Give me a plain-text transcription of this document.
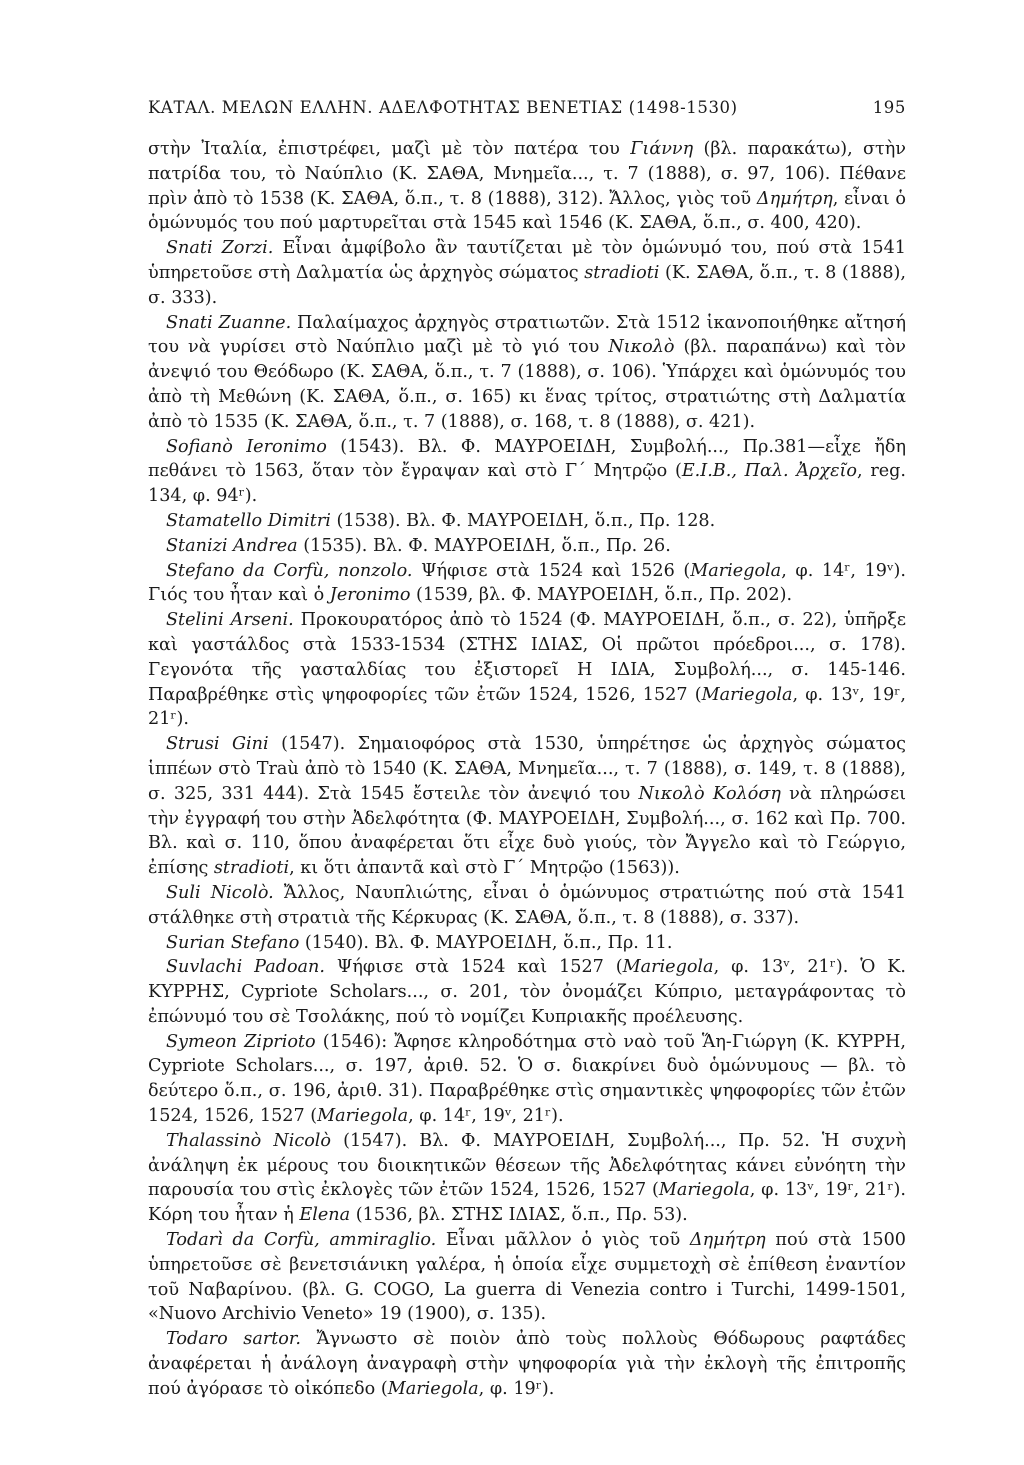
ΚΑΤΑΛ. ΜΕΛΩΝ ΕΛΛΗΝ. ΑΔΕΛΦΟΤΗΤΑΣ ΒΕΝΕΤΙΑΣ (1498-1530)	195

στὴν Ἰταλία, ἐπιστρέφει, μαζὶ μὲ τὸν πατέρα του Γιάννη (βλ. παρακάτω), στὴν πατρίδα του, τὸ Ναύπλιο (Κ. ΣΑΘΑ, Μνημεῖα..., τ. 7 (1888), σ. 97, 106). Πέθανε πρὶν ἀπὸ τὸ 1538 (Κ. ΣΑΘΑ, ὅ.π., τ. 8 (1888), 312). Ἄλλος, γιὸς τοῦ Δημήτρη, εἶναι ὁ ὁμώνυμός του πού μαρτυρεῖται στὰ 1545 καὶ 1546 (Κ. ΣΑΘΑ, ὅ.π., σ. 400, 420).

Snati Zorzi. Εἶναι ἀμφίβολο ἂν ταυτίζεται μὲ τὸν ὁμώνυμό του, πού στὰ 1541 ὑπηρετοῦσε στὴ Δαλματία ὡς ἀρχηγὸς σώματος stradioti (Κ. ΣΑΘΑ, ὅ.π., τ. 8 (1888), σ. 333).

Snati Zuanne. Παλαίμαχος ἀρχηγὸς στρατιωτῶν. Στὰ 1512 ἱκανοποιήθηκε αἴτησή του νὰ γυρίσει στὸ Ναύπλιο μαζὶ μὲ τὸ γιό του Νικολὸ (βλ. παραπάνω) καὶ τὸν ἀνεψιό του Θεόδωρο (Κ. ΣΑΘΑ, ὅ.π., τ. 7 (1888), σ. 106). Ὑπάρχει καὶ ὁμώνυμός του ἀπὸ τὴ Μεθώνη (Κ. ΣΑΘΑ, ὅ.π., σ. 165) κι ἕνας τρίτος, στρατιώτης στὴ Δαλματία ἀπὸ τὸ 1535 (Κ. ΣΑΘΑ, ὅ.π., τ. 7 (1888), σ. 168, τ. 8 (1888), σ. 421).

Sofianò Ieronimo (1543). Βλ. Φ. ΜΑΥΡΟΕΙΔΗ, Συμβολή..., Πρ.381—εἶχε ἤδη πεθάνει τὸ 1563, ὅταν τὸν ἔγραψαν καὶ στὸ Γ΄ Μητρῷο (Ε.Ι.Β., Παλ. Ἀρχεῖο, reg. 134, φ. 94ʳ).

Stamatello Dimitri (1538). Βλ. Φ. ΜΑΥΡΟΕΙΔΗ, ὅ.π., Πρ. 128.

Stanizi Andrea (1535). Βλ. Φ. ΜΑΥΡΟΕΙΔΗ, ὅ.π., Πρ. 26.

Stefano da Corfù, nonzolo. Ψήφισε στὰ 1524 καὶ 1526 (Mariegola, φ. 14ʳ, 19ᵛ). Γιός του ἦταν καὶ ὁ Jeronimo (1539, βλ. Φ. ΜΑΥΡΟΕΙΔΗ, ὅ.π., Πρ. 202).

Stelini Arseni. Προκουρατόρος ἀπὸ τὸ 1524 (Φ. ΜΑΥΡΟΕΙΔΗ, ὅ.π., σ. 22), ὑπῆρξε καὶ γαστάλδος στὰ 1533-1534 (ΣΤΗΣ ΙΔΙΑΣ, Οἱ πρῶτοι πρόεδροι..., σ. 178). Γεγονότα τῆς γασταλδίας του ἐξιστορεῖ Η ΙΔΙΑ, Συμβολή..., σ. 145-146. Παραβρέθηκε στὶς ψηφοφορίες τῶν ἐτῶν 1524, 1526, 1527 (Mariegola, φ. 13ᵛ, 19ʳ, 21ʳ).

Strusi Gini (1547). Σημαιοφόρος στὰ 1530, ὑπηρέτησε ὡς ἀρχηγὸς σώματος ἱππέων στὸ Traù ἀπὸ τὸ 1540 (Κ. ΣΑΘΑ, Μνημεῖα..., τ. 7 (1888), σ. 149, τ. 8 (1888), σ. 325, 331 444). Στὰ 1545 ἔστειλε τὸν ἀνεψιό του Νικολὸ Κολόση νὰ πληρώσει τὴν ἐγγραφή του στὴν Ἀδελφότητα (Φ. ΜΑΥΡΟΕΙΔΗ, Συμβολή..., σ. 162 καὶ Πρ. 700. Βλ. καὶ σ. 110, ὅπου ἀναφέρεται ὅτι εἶχε δυὸ γιούς, τὸν Ἄγγελο καὶ τὸ Γεώργιο, ἐπίσης stradioti, κι ὅτι ἀπαντᾶ καὶ στὸ Γ΄ Μητρῷο (1563)).

Suli Nicolò. Ἄλλος, Ναυπλιώτης, εἶναι ὁ ὁμώνυμος στρατιώτης πού στὰ 1541 στάλθηκε στὴ στρατιὰ τῆς Κέρκυρας (Κ. ΣΑΘΑ, ὅ.π., τ. 8 (1888), σ. 337).

Surian Stefano (1540). Βλ. Φ. ΜΑΥΡΟΕΙΔΗ, ὅ.π., Πρ. 11.

Suvlachi Padoan. Ψήφισε στὰ 1524 καὶ 1527 (Mariegola, φ. 13ᵛ, 21ʳ). Ὁ Κ. ΚΥΡΡΗΣ, Cypriote Scholars..., σ. 201, τὸν ὀνομάζει Κύπριο, μεταγράφοντας τὸ ἐπώνυμό του σὲ Τσολάκης, πού τὸ νομίζει Κυπριακῆς προέλευσης.

Symeon Ziprioto (1546): Ἄφησε κληροδότημα στὸ ναὸ τοῦ Ἅη-Γιώργη (Κ. ΚΥΡΡΗ, Cypriote Scholars..., σ. 197, ἀριθ. 52. Ὁ σ. διακρίνει δυὸ ὁμώνυμους — βλ. τὸ δεύτερο ὅ.π., σ. 196, ἀριθ. 31). Παραβρέθηκε στὶς σημαντικὲς ψηφοφορίες τῶν ἐτῶν 1524, 1526, 1527 (Mariegola, φ. 14ʳ, 19ᵛ, 21ʳ).

Thalassinò Nicolò (1547). Βλ. Φ. ΜΑΥΡΟΕΙΔΗ, Συμβολή..., Πρ. 52. Ἡ συχνὴ ἀνάληψη ἐκ μέρους του διοικητικῶν θέσεων τῆς Ἀδελφότητας κάνει εὐνόητη τὴν παρουσία του στὶς ἐκλογὲς τῶν ἐτῶν 1524, 1526, 1527 (Mariegola, φ. 13ᵛ, 19ʳ, 21ʳ). Κόρη του ἦταν ἡ Elena (1536, βλ. ΣΤΗΣ ΙΔΙΑΣ, ὅ.π., Πρ. 53).

Todarì da Corfù, ammiraglio. Εἶναι μᾶλλον ὁ γιὸς τοῦ Δημήτρη πού στὰ 1500 ὑπηρετοῦσε σὲ βενετσιάνικη γαλέρα, ἡ ὁποία εἶχε συμμετοχὴ σὲ ἐπίθεση ἐναντίον τοῦ Ναβαρίνου. (βλ. G. COGO, La guerra di Venezia contro i Turchi, 1499-1501, «Nuovo Archivio Veneto» 19 (1900), σ. 135).

Todaro sartor. Ἄγνωστο σὲ ποιὸν ἀπὸ τοὺς πολλοὺς Θόδωρους ραφτάδες ἀναφέρεται ἡ ἀνάλογη ἀναγραφὴ στὴν ψηφοφορία γιὰ τὴν ἐκλογὴ τῆς ἐπιτροπῆς πού ἀγόρασε τὸ οἰκόπεδο (Mariegola, φ. 19ʳ).
